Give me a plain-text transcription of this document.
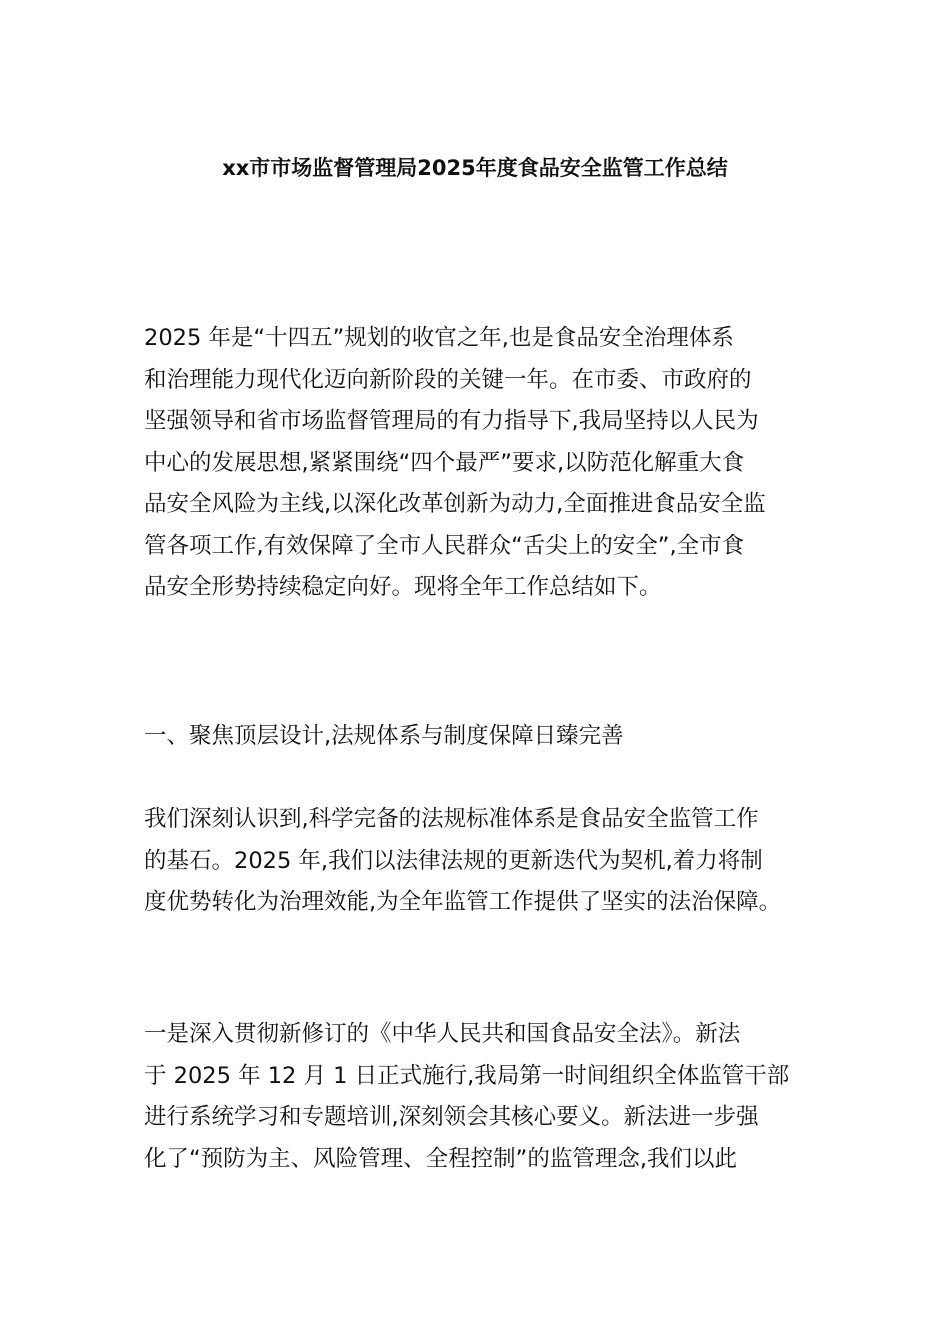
xx市市场监督管理局2025年度食品安全监管工作总结

2025 年是“十四五”规划的收官之年,也是食品安全治理体系
和治理能力现代化迈向新阶段的关键一年。在市委、市政府的
坚强领导和省市场监督管理局的有力指导下,我局坚持以人民为
中心的发展思想,紧紧围绕“四个最严”要求,以防范化解重大食
品安全风险为主线,以深化改革创新为动力,全面推进食品安全监
管各项工作,有效保障了全市人民群众“舌尖上的安全”,全市食
品安全形势持续稳定向好。现将全年工作总结如下。

一、聚焦顶层设计,法规体系与制度保障日臻完善

我们深刻认识到,科学完备的法规标准体系是食品安全监管工作
的基石。2025 年,我们以法律法规的更新迭代为契机,着力将制
度优势转化为治理效能,为全年监管工作提供了坚实的法治保障。

一是深入贯彻新修订的《中华人民共和国食品安全法》。新法
于 2025 年 12 月 1 日正式施行,我局第一时间组织全体监管干部
进行系统学习和专题培训,深刻领会其核心要义。新法进一步强
化了“预防为主、风险管理、全程控制”的监管理念,我们以此
